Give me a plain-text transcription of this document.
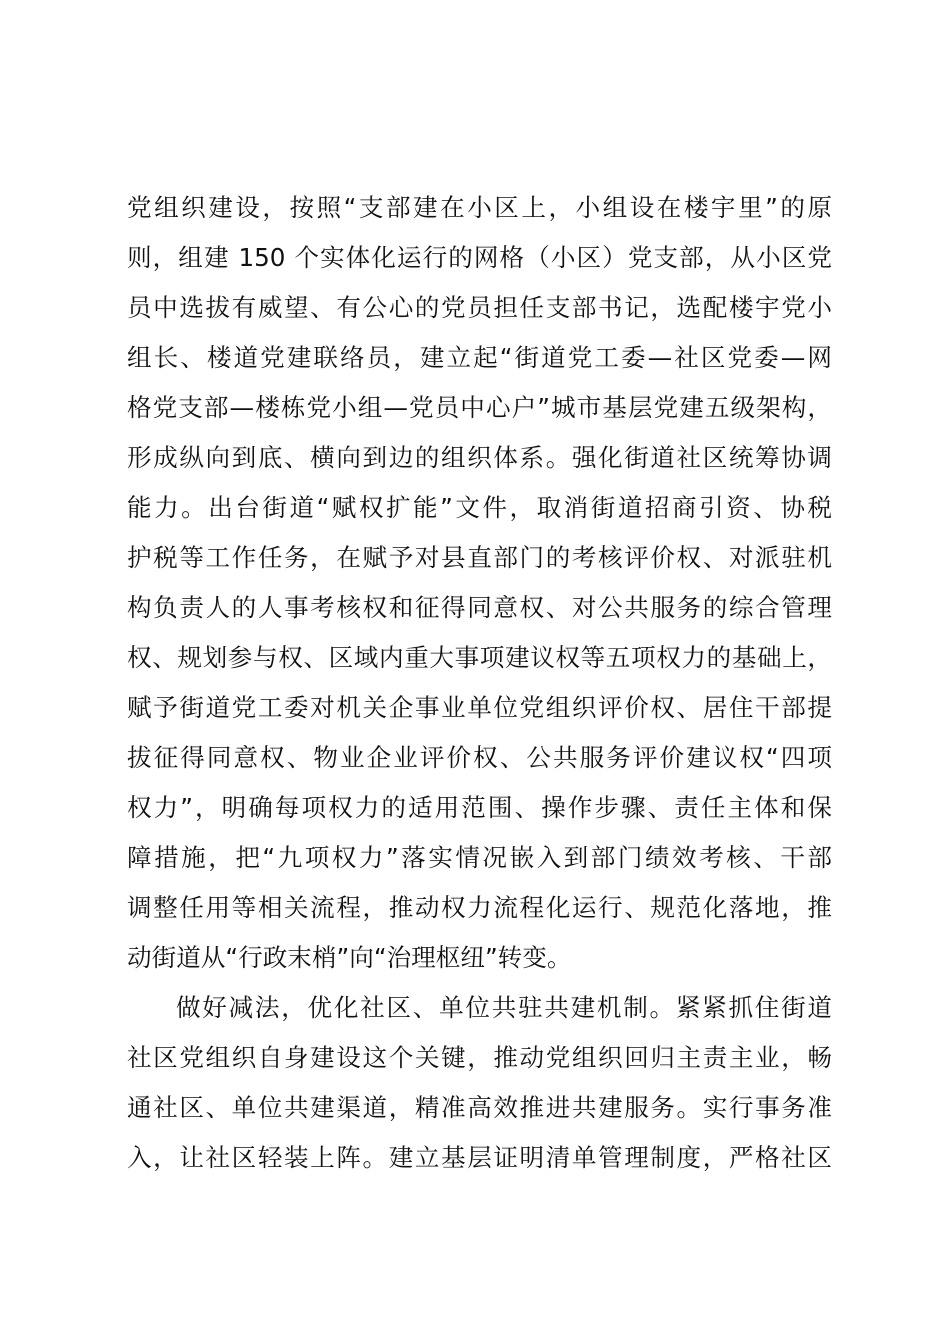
党组织建设，按照“支部建在小区上，小组设在楼宇里”的原
则，组建 150 个实体化运行的网格（小区）党支部，从小区党
员中选拔有威望、有公心的党员担任支部书记，选配楼宇党小
组长、楼道党建联络员，建立起“街道党工委—社区党委—网
格党支部—楼栋党小组—党员中心户”城市基层党建五级架构，
形成纵向到底、横向到边的组织体系。强化街道社区统筹协调
能力。出台街道“赋权扩能”文件，取消街道招商引资、协税
护税等工作任务，在赋予对县直部门的考核评价权、对派驻机
构负责人的人事考核权和征得同意权、对公共服务的综合管理
权、规划参与权、区域内重大事项建议权等五项权力的基础上，
赋予街道党工委对机关企事业单位党组织评价权、居住干部提
拔征得同意权、物业企业评价权、公共服务评价建议权“四项
权力”，明确每项权力的适用范围、操作步骤、责任主体和保
障措施，把“九项权力”落实情况嵌入到部门绩效考核、干部
调整任用等相关流程，推动权力流程化运行、规范化落地，推
动街道从“行政末梢”向“治理枢纽”转变。

做好减法，优化社区、单位共驻共建机制。紧紧抓住街道
社区党组织自身建设这个关键，推动党组织回归主责主业，畅
通社区、单位共建渠道，精准高效推进共建服务。实行事务准
入，让社区轻装上阵。建立基层证明清单管理制度，严格社区
